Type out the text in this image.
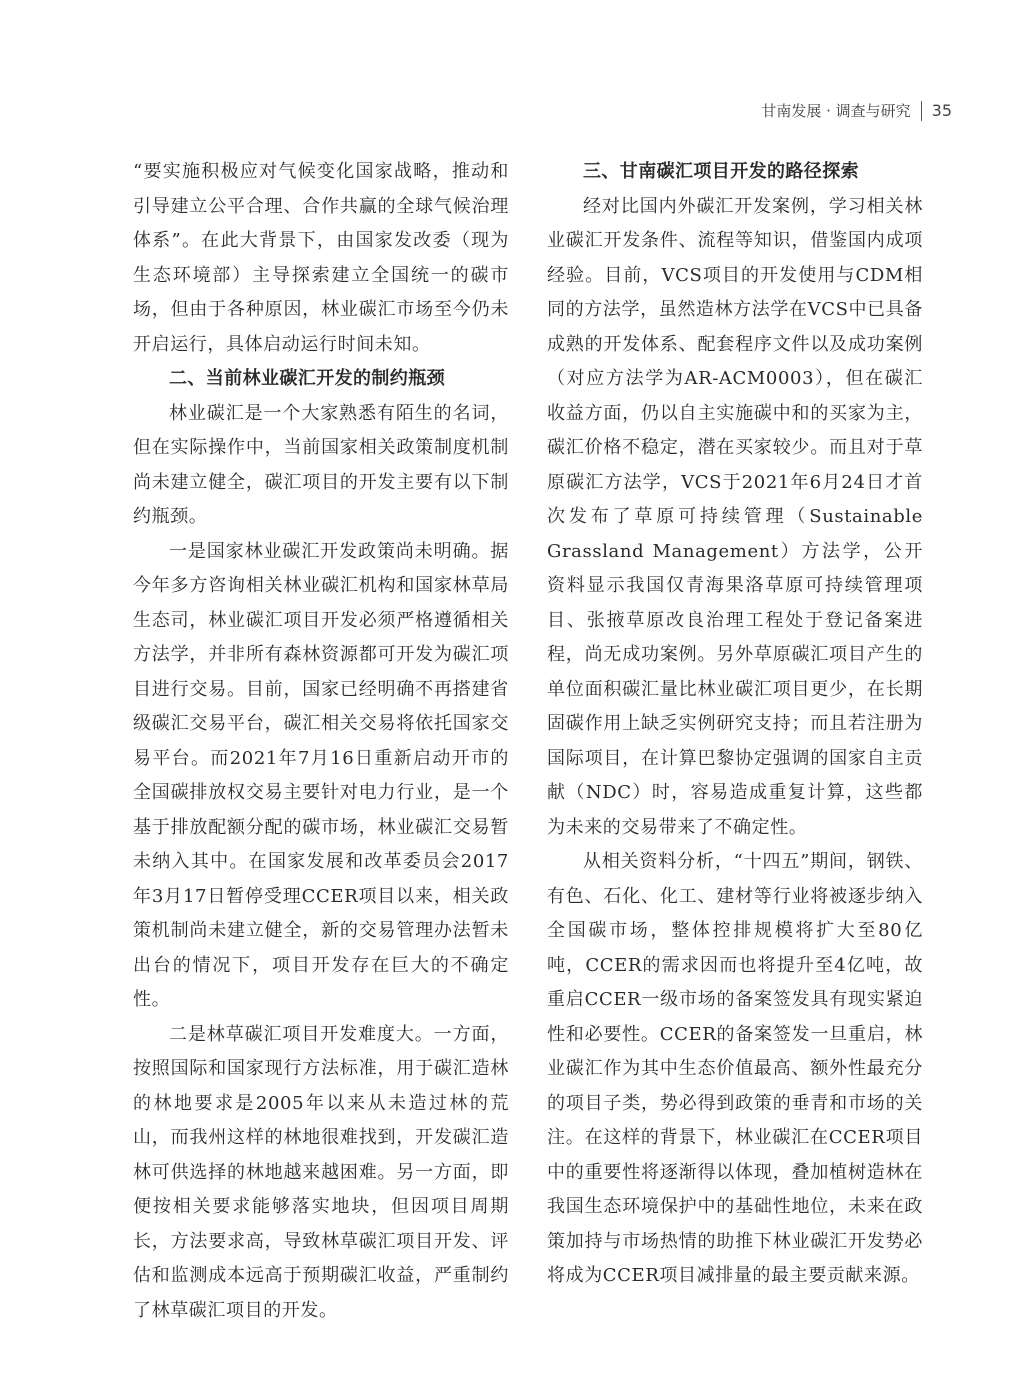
甘南发展 · 调查与研究 35

“要实施积极应对气候变化国家战略，推动和引导建立公平合理、合作共赢的全球气候治理体系”。在此大背景下，由国家发改委（现为生态环境部）主导探索建立全国统一的碳市场，但由于各种原因，林业碳汇市场至今仍未开启运行，具体启动运行时间未知。

二、当前林业碳汇开发的制约瓶颈

林业碳汇是一个大家熟悉有陌生的名词，但在实际操作中，当前国家相关政策制度机制尚未建立健全，碳汇项目的开发主要有以下制约瓶颈。

一是国家林业碳汇开发政策尚未明确。据今年多方咨询相关林业碳汇机构和国家林草局生态司，林业碳汇项目开发必须严格遵循相关方法学，并非所有森林资源都可开发为碳汇项目进行交易。目前，国家已经明确不再搭建省级碳汇交易平台，碳汇相关交易将依托国家交易平台。而2021年7月16日重新启动开市的全国碳排放权交易主要针对电力行业，是一个基于排放配额分配的碳市场，林业碳汇交易暂未纳入其中。在国家发展和改革委员会2017年3月17日暂停受理CCER项目以来，相关政策机制尚未建立健全，新的交易管理办法暂未出台的情况下，项目开发存在巨大的不确定性。

二是林草碳汇项目开发难度大。一方面，按照国际和国家现行方法标准，用于碳汇造林的林地要求是2005年以来从未造过林的荒山，而我州这样的林地很难找到，开发碳汇造林可供选择的林地越来越困难。另一方面，即便按相关要求能够落实地块，但因项目周期长，方法要求高，导致林草碳汇项目开发、评估和监测成本远高于预期碳汇收益，严重制约了林草碳汇项目的开发。

三、甘南碳汇项目开发的路径探索

经对比国内外碳汇开发案例，学习相关林业碳汇开发条件、流程等知识，借鉴国内成项经验。目前，VCS项目的开发使用与CDM相同的方法学，虽然造林方法学在VCS中已具备成熟的开发体系、配套程序文件以及成功案例（对应方法学为AR-ACM0003），但在碳汇收益方面，仍以自主实施碳中和的买家为主，碳汇价格不稳定，潜在买家较少。而且对于草原碳汇方法学，VCS于2021年6月24日才首次发布了草原可持续管理（Sustainable Grassland Management）方法学，公开资料显示我国仅青海果洛草原可持续管理项目、张掖草原改良治理工程处于登记备案进程，尚无成功案例。另外草原碳汇项目产生的单位面积碳汇量比林业碳汇项目更少，在长期固碳作用上缺乏实例研究支持；而且若注册为国际项目，在计算巴黎协定强调的国家自主贡献（NDC）时，容易造成重复计算，这些都为未来的交易带来了不确定性。

从相关资料分析，“十四五”期间，钢铁、有色、石化、化工、建材等行业将被逐步纳入全国碳市场，整体控排规模将扩大至80亿吨，CCER的需求因而也将提升至4亿吨，故重启CCER一级市场的备案签发具有现实紧迫性和必要性。CCER的备案签发一旦重启，林业碳汇作为其中生态价值最高、额外性最充分的项目子类，势必得到政策的垂青和市场的关注。在这样的背景下，林业碳汇在CCER项目中的重要性将逐渐得以体现，叠加植树造林在我国生态环境保护中的基础性地位，未来在政策加持与市场热情的助推下林业碳汇开发势必将成为CCER项目减排量的最主要贡献来源。
